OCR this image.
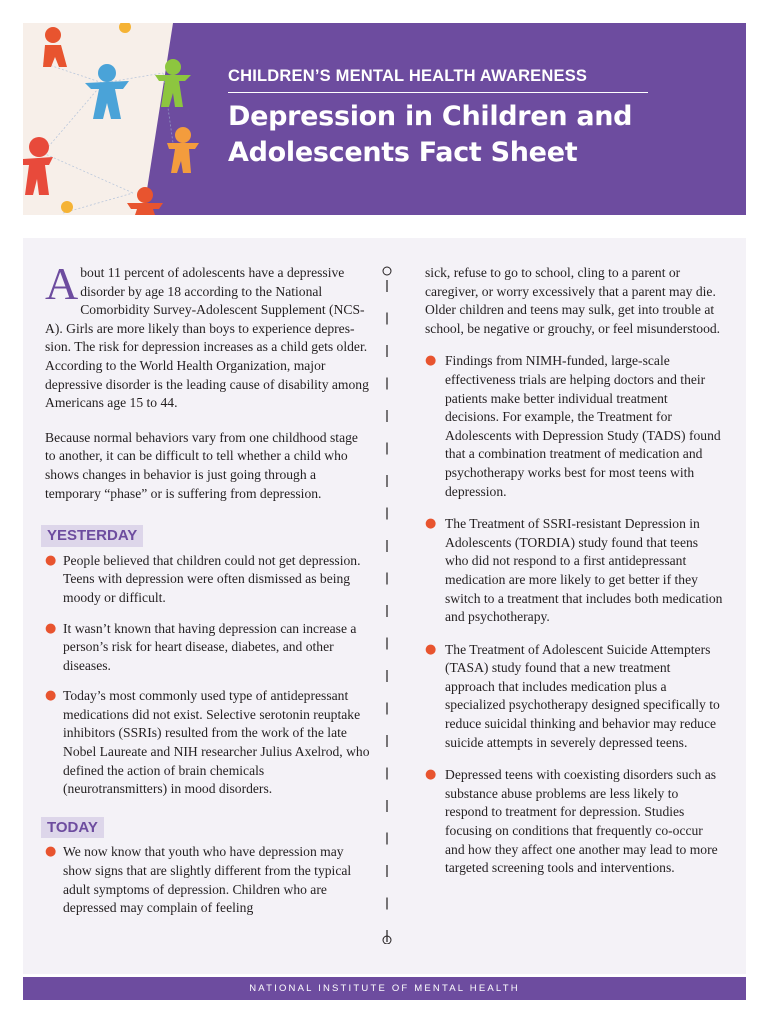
CHILDREN’S MENTAL HEALTH AWARENESS
Depression in Children and
Adolescents Fact Sheet

About 11 percent of adolescents have a depressive disorder by age 18 according to the National Comorbidity Survey-Adolescent Supplement (NCS-A). Girls are more likely than boys to experience depres-sion. The risk for depression increases as a child gets older. According to the World Health Organization, major depressive disorder is the leading cause of disability among Americans age 15 to 44.

Because normal behaviors vary from one childhood stage to another, it can be difficult to tell whether a child who shows changes in behavior is just going through a temporary “phase” or is suffering from depression.

YESTERDAY
● People believed that children could not get depression. Teens with depression were often dismissed as being moody or difficult.
● It wasn’t known that having depression can increase a person’s risk for heart disease, diabetes, and other diseases.
● Today’s most commonly used type of antidepressant medications did not exist. Selective serotonin reuptake inhibitors (SSRIs) resulted from the work of the late Nobel Laureate and NIH researcher Julius Axelrod, who defined the action of brain chemicals (neurotransmitters) in mood disorders.
TODAY
● We now know that youth who have depression may show signs that are slightly different from the typical adult symptoms of depression. Children who are depressed may complain of feeling
sick, refuse to go to school, cling to a parent or caregiver, or worry excessively that a parent may die. Older children and teens may sulk, get into trouble at school, be negative or grouchy, or feel misunderstood.
● Findings from NIMH-funded, large-scale effectiveness trials are helping doctors and their patients make better individual treatment decisions. For example, the Treatment for Adolescents with Depression Study (TADS) found that a combination treatment of medication and psychotherapy works best for most teens with depression.
● The Treatment of SSRI-resistant Depression in Adolescents (TORDIA) study found that teens who did not respond to a first antidepressant medication are more likely to get better if they switch to a treatment that includes both medication and psychotherapy.
● The Treatment of Adolescent Suicide Attempters (TASA) study found that a new treatment approach that includes medication plus a specialized psychotherapy designed specifically to reduce suicidal thinking and behavior may reduce suicide attempts in severely depressed teens.
● Depressed teens with coexisting disorders such as substance abuse problems are less likely to respond to treatment for depression. Studies focusing on conditions that frequently co-occur and how they affect one another may lead to more targeted screening tools and interventions.
NATIONAL INSTITUTE OF MENTAL HEALTH
